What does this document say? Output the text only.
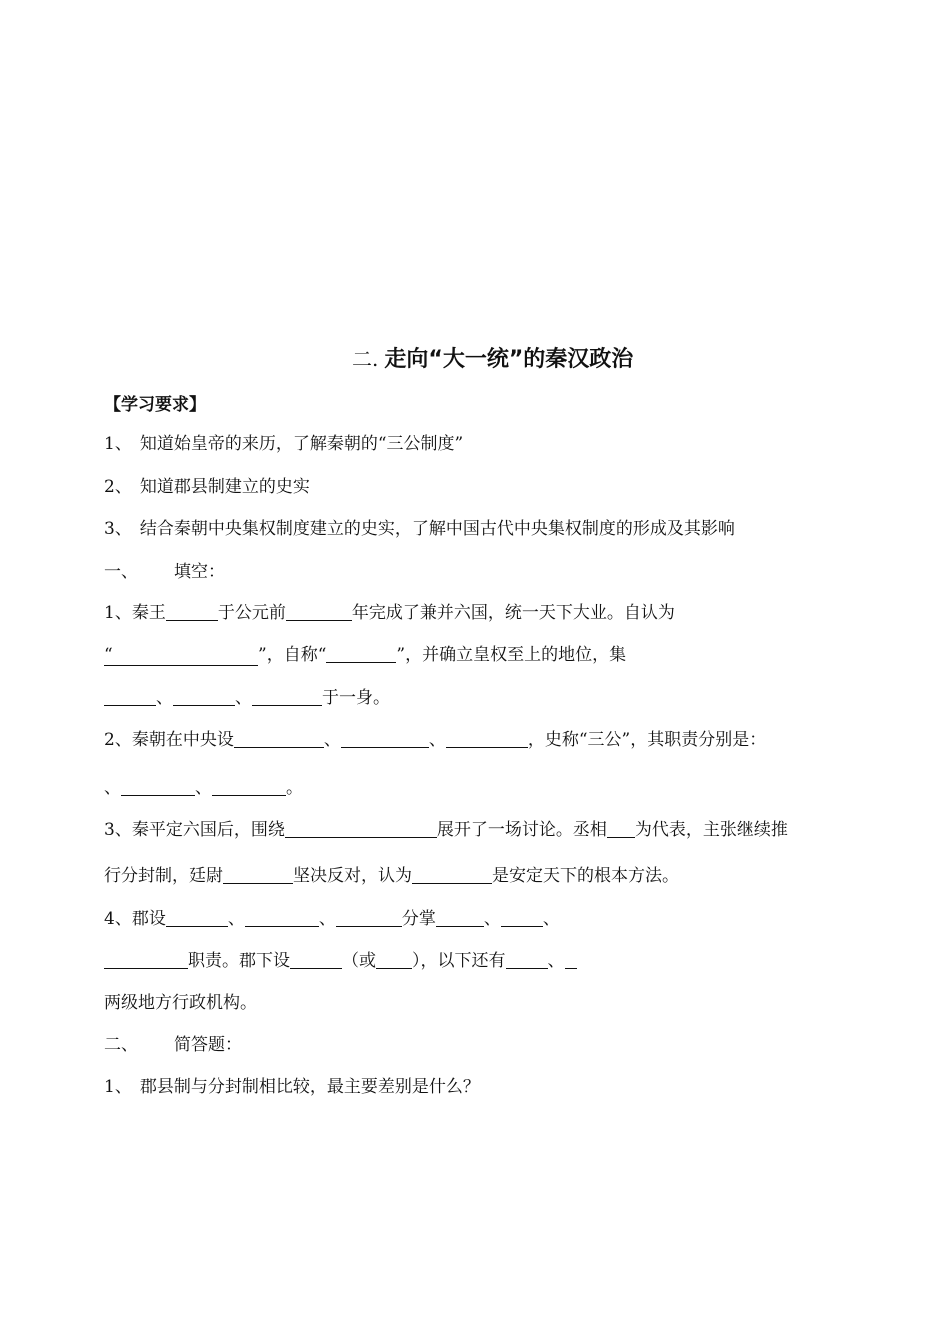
二. 走向“大一统”的秦汉政治
【学习要求】
1、 知道始皇帝的来历，了解秦朝的“三公制度”
2、 知道郡县制建立的史实
3、 结合秦朝中央集权制度建立的史实，了解中国古代中央集权制度的形成及其影响
一、 填空：
1、秦王	于公元前	年完成了兼并六国，统一天下大业。自认为
“	”，自称“	”，并确立皇权至上的地位，集
、	、	于一身。
2、秦朝在中央设	、	、	，史称“三公”，其职责分别是：
、	、	。
3、秦平定六国后，围绕	展开了一场讨论。丞相 为代表，主张继续推
行分封制，廷尉	坚决反对，认为	是安定天下的根本方法。
4、郡设	、	、	分掌	、 、
职责。郡下设	（或 ），以下还有 、
两级地方行政机构。
二、 简答题：
1、 郡县制与分封制相比较，最主要差别是什么？
